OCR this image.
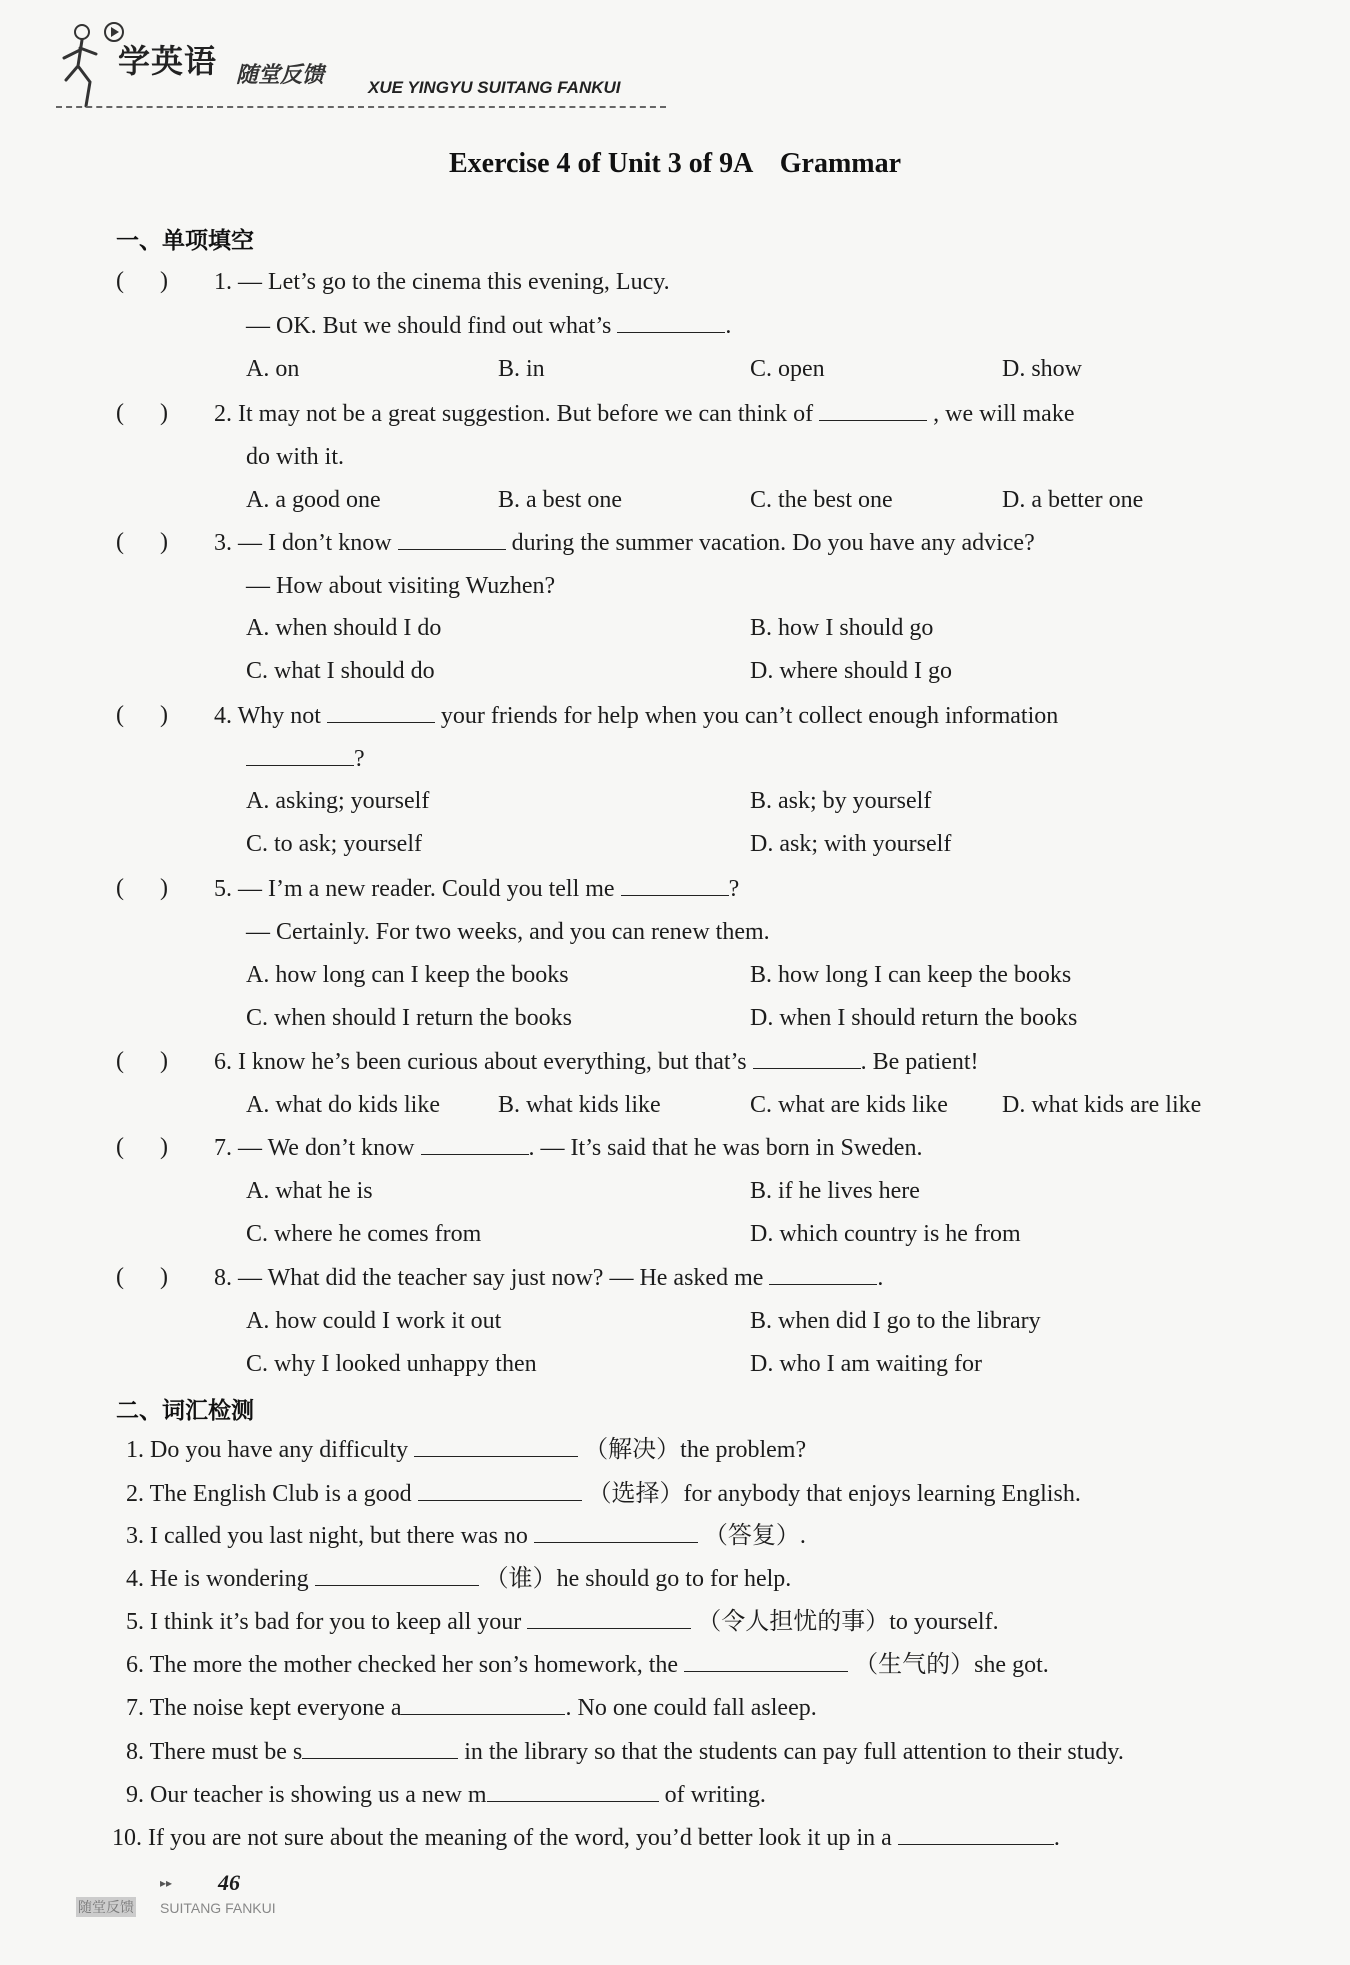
学英语 随堂反馈	XUE YINGYU SUITANG FANKUI
Exercise 4 of Unit 3 of 9A    Grammar
一、单项填空
(      ) 1. — Let’s go to the cinema this evening, Lucy.
— OK. But we should find out what’s	.
A. on	B. in	C. open	D. show
(      ) 2. It may not be a great suggestion. But before we can think of	, we will make
do with it.
A. a good one	B. a best one	C. the best one	D. a better one
(      ) 3. — I don’t know	during the summer vacation. Do you have any advice?
— How about visiting Wuzhen?
A. when should I do	B. how I should go
C. what I should do	D. where should I go
(      ) 4. Why not	your friends for help when you can’t collect enough information
?
A. asking; yourself	B. ask; by yourself
C. to ask; yourself	D. ask; with yourself
(      ) 5. — I’m a new reader. Could you tell me	?
— Certainly. For two weeks, and you can renew them.
A. how long can I keep the books	B. how long I can keep the books
C. when should I return the books	D. when I should return the books
(      ) 6. I know he’s been curious about everything, but that’s	. Be patient!
A. what do kids like B. what kids like	C. what are kids like D. what kids are like
(      ) 7. — We don’t know	. — It’s said that he was born in Sweden.
A. what he is	B. if he lives here
C. where he comes from	D. which country is he from
(      ) 8. — What did the teacher say just now? — He asked me	.
A. how could I work it out	B. when did I go to the library
C. why I looked unhappy then	D. who I am waiting for
二、词汇检测
1. Do you have any difficulty	（解决）the problem?
2. The English Club is a good	（选择）for anybody that enjoys learning English.
3. I called you last night, but there was no	（答复）.
4. He is wondering	（谁）he should go to for help.
5. I think it’s bad for you to keep all your	（令人担忧的事）to yourself.
6. The more the mother checked her son’s homework, the	（生气的）she got.
7. The noise kept everyone a	. No one could fall asleep.
8. There must be s	in the library so that the students can pay full attention to their study.
9. Our teacher is showing us a new m	of writing.
10. If you are not sure about the meaning of the word, you’d better look it up in a	.
▸▸ 46
随堂反馈 SUITANG FANKUI
